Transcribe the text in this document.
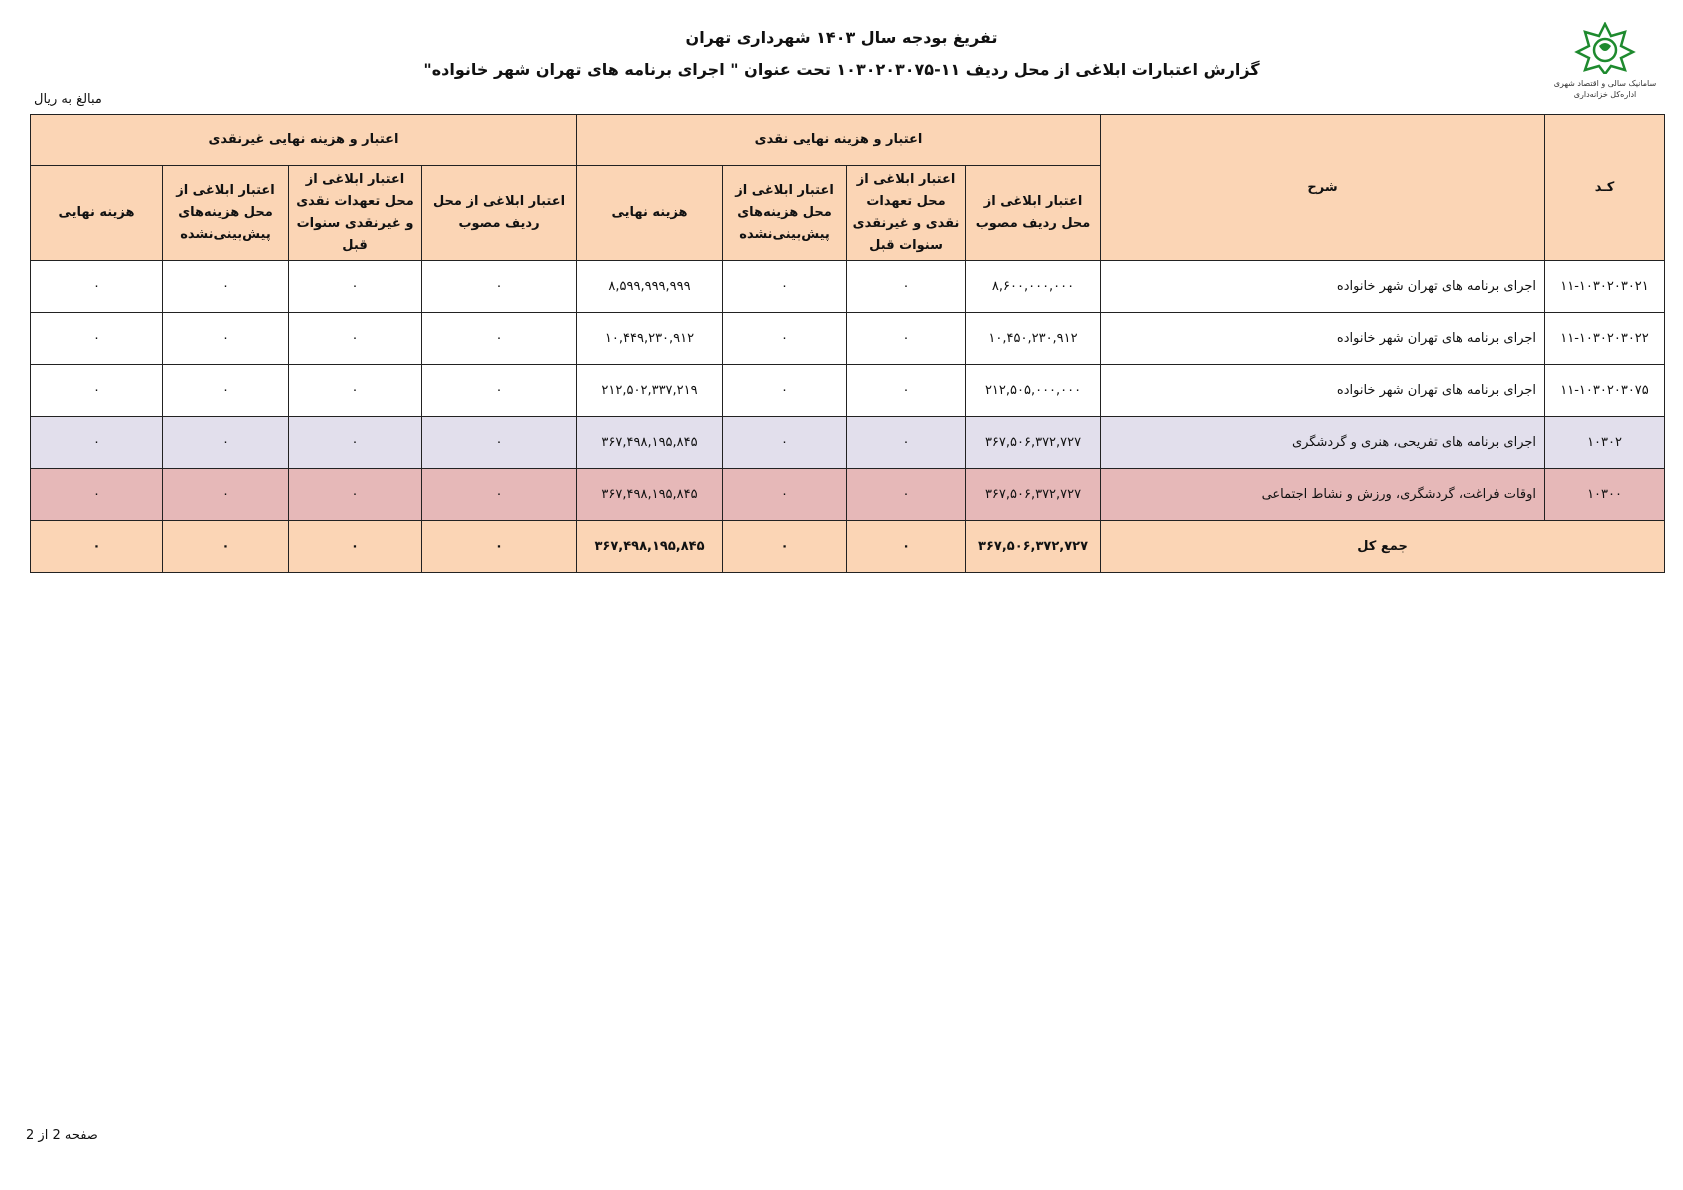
تفریغ بودجه سال ۱۴۰۳ شهرداری تهران
گزارش اعتبارات ابلاغی از محل ردیف ۱۱-۱۰۳۰۲۰۳۰۷۵ تحت عنوان " اجرای برنامه های تهران شهر خانواده"
مبالغ به ریال
سامانیک سالی و اقتصاد شهری
اداره‌کل خزانه‌داری
کـد	شرح	اعتبار و هزینه نهایی نقدی				اعتبار و هزینه نهایی غیرنقدی			
		اعتبار ابلاغی از محل ردیف مصوب	اعتبار ابلاغی از محل تعهدات نقدی و غیرنقدی سنوات قبل	اعتبار ابلاغی از محل هزینه‌های پیش‌بینی‌نشده	هزینه نهایی	اعتبار ابلاغی از محل ردیف مصوب	اعتبار ابلاغی از محل تعهدات نقدی و غیرنقدی سنوات قبل	اعتبار ابلاغی از محل هزینه‌های پیش‌بینی‌نشده	هزینه نهایی
۱۱-۱۰۳۰۲۰۳۰۲۱	اجرای برنامه های تهران شهر خانواده	۸,۶۰۰,۰۰۰,۰۰۰	۰	۰	۸,۵۹۹,۹۹۹,۹۹۹	۰	۰	۰	۰
۱۱-۱۰۳۰۲۰۳۰۲۲	اجرای برنامه های تهران شهر خانواده	۱۰,۴۵۰,۲۳۰,۹۱۲	۰	۰	۱۰,۴۴۹,۲۳۰,۹۱۲	۰	۰	۰	۰
۱۱-۱۰۳۰۲۰۳۰۷۵	اجرای برنامه های تهران شهر خانواده	۲۱۲,۵۰۵,۰۰۰,۰۰۰	۰	۰	۲۱۲,۵۰۲,۳۳۷,۲۱۹	۰	۰	۰	۰
۱۰۳۰۲	اجرای برنامه های تفریحی، هنری و گردشگری	۳۶۷,۵۰۶,۳۷۲,۷۲۷	۰	۰	۳۶۷,۴۹۸,۱۹۵,۸۴۵	۰	۰	۰	۰
۱۰۳۰۰	اوقات فراغت، گردشگری، ورزش و نشاط اجتماعی	۳۶۷,۵۰۶,۳۷۲,۷۲۷	۰	۰	۳۶۷,۴۹۸,۱۹۵,۸۴۵	۰	۰	۰	۰
جمع کل		۳۶۷,۵۰۶,۳۷۲,۷۲۷	۰	۰	۳۶۷,۴۹۸,۱۹۵,۸۴۵	۰	۰	۰	۰
صفحه 2 از 2
